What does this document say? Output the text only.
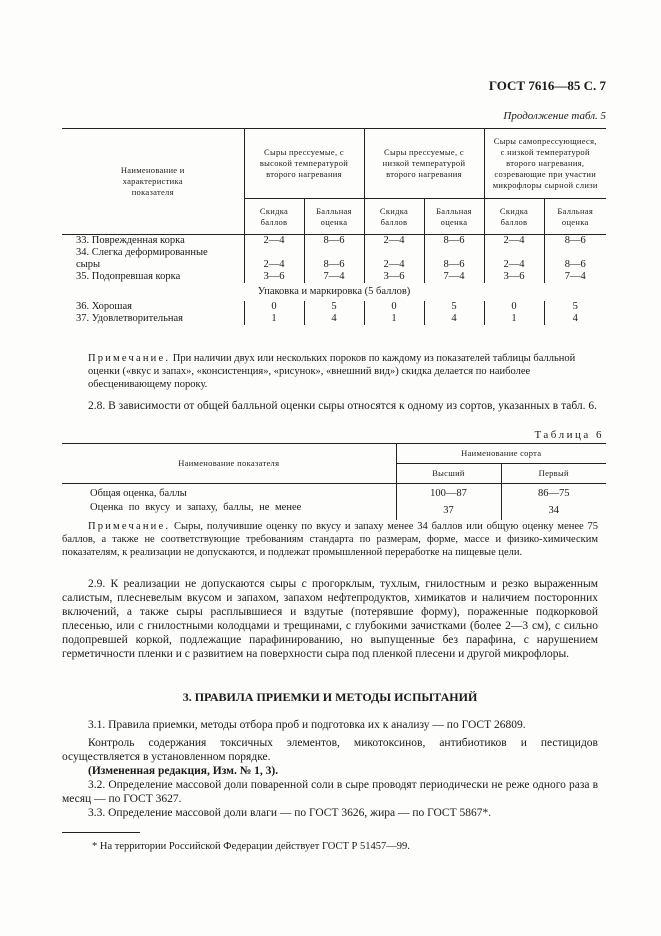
ГОСТ 7616—85 С. 7
Продолжение табл. 5
Наименование и характеристика показателя	Сыры прессуемые, с высокой температурой второго нагревания		Сыры прессуемые, с низкой температурой второго нагревания		Сыры самопрессующиеся, с низкой температурой второго нагревания, созревающие при участии микрофлоры сырной слизи	
	Скидка баллов	Балльная оценка	Скидка баллов	Балльная оценка	Скидка баллов	Балльная оценка
33. Поврежденная корка	2—4	8—6	2—4	8—6	2—4	8—6
34. Слегка деформированные						
сыры	2—4	8—6	2—4	8—6	2—4	8—6
35. Подопревшая корка	3—6	7—4	3—6	7—4	3—6	7—4
Упаковка и маркировка (5 баллов)						
36. Хорошая	0	5	0	5	0	5
37. Удовлетворительная	1	4	1	4	1	4
Примечание. При наличии двух или нескольких пороков по каждому из показателей таблицы балльной оценки («вкус и запах», «консистенция», «рисунок», «внешний вид») скидка делается по наиболее обесценивающему пороку.
2.8. В зависимости от общей балльной оценки сыры относятся к одному из сортов, указанных в табл. 6.
Таблица 6
Наименование показателя	Наименование сорта	
	Высший	Первый
Общая оценка, баллы	100—87	86—75
Оценка по вкусу и запаху, баллы, не менее	37	34
Примечание. Сыры, получившие оценку по вкусу и запаху менее 34 баллов или общую оценку менее 75 баллов, а также не соответствующие требованиям стандарта по размерам, форме, массе и физико-химическим показателям, к реализации не допускаются, и подлежат промышленной переработке на пищевые цели.
2.9. К реализации не допускаются сыры с прогорклым, тухлым, гнилостным и резко выраженным салистым, плесневелым вкусом и запахом, запахом нефтепродуктов, химикатов и наличием посторонних включений, а также сыры расплывшиеся и вздутые (потерявшие форму), пораженные подкорковой плесенью, или с гнилостными колодцами и трещинами, с глубокими зачистками (более 2—3 см), с сильно подопревшей коркой, подлежащие парафинированию, но выпущенные без парафина, с нарушением герметичности пленки и с развитием на поверхности сыра под пленкой плесени и другой микрофлоры.
3. ПРАВИЛА ПРИЕМКИ И МЕТОДЫ ИСПЫТАНИЙ
3.1. Правила приемки, методы отбора проб и подготовка их к анализу — по ГОСТ 26809.
Контроль содержания токсичных элементов, микотоксинов, антибиотиков и пестицидов осуществляется в установленном порядке.
(Измененная редакция, Изм. № 1, 3).
3.2. Определение массовой доли поваренной соли в сыре проводят периодически не реже одного раза в месяц — по ГОСТ 3627.
3.3. Определение массовой доли влаги — по ГОСТ 3626, жира — по ГОСТ 5867*.
* На территории Российской Федерации действует ГОСТ Р 51457—99.
